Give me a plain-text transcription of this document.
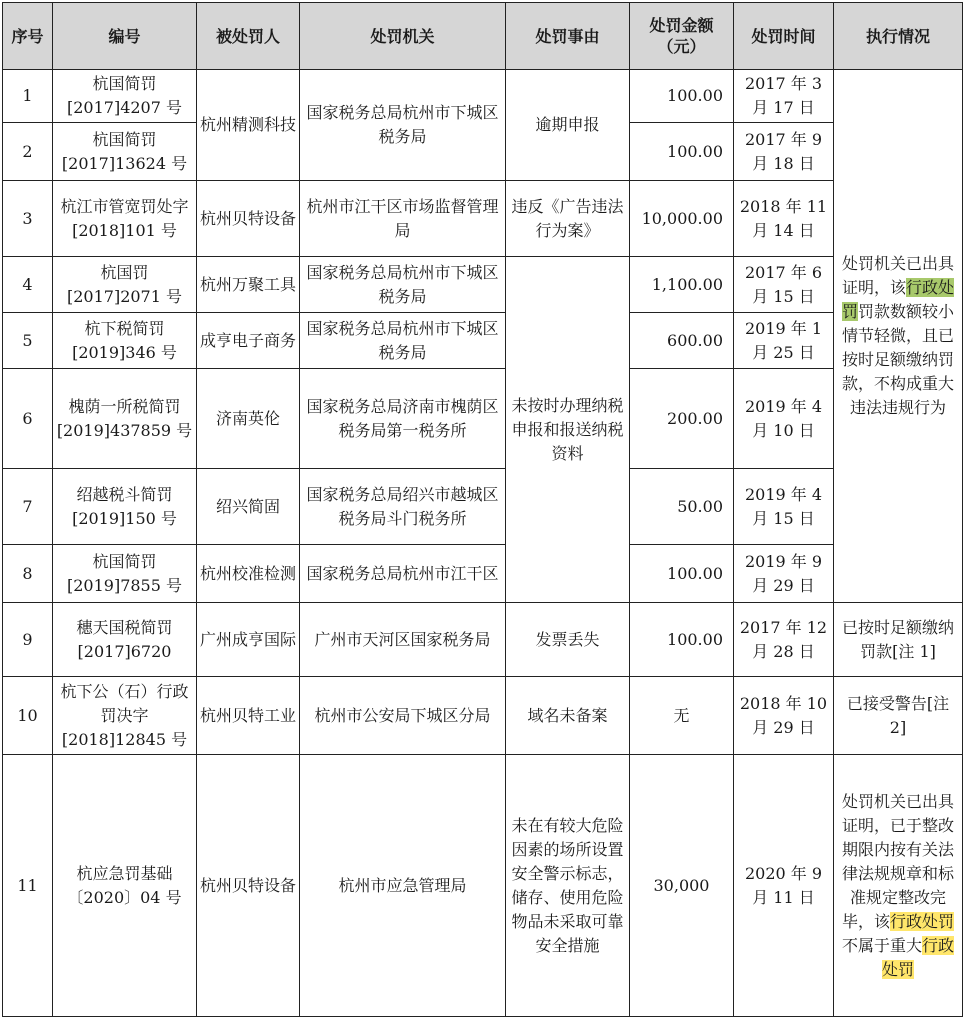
序号	编号	被处罚人	处罚机关	处罚事由	处罚金额（元）	处罚时间	执行情况
1	杭国简罚[2017]4207 号	杭州精测科技	国家税务总局杭州市下城区税务局	逾期申报	100.00	2017 年 3 月 17 日	处罚机关已出具证明，该行政处罚罚款数额较小情节轻微，且已按时足额缴纳罚款，不构成重大违法违规行为
2	杭国简罚[2017]13624 号				100.00	2017 年 9 月 18 日	
3	杭江市管宽罚处字[2018]101 号	杭州贝特设备	杭州市江干区市场监督管理局	违反《广告违法行为案》	10,000.00	2018 年 11 月 14 日	
4	杭国罚[2017]2071 号	杭州万聚工具	国家税务总局杭州市下城区税务局	未按时办理纳税申报和报送纳税资料	1,100.00	2017 年 6 月 15 日	
5	杭下税简罚[2019]346 号	成亨电子商务	国家税务总局杭州市下城区税务局		600.00	2019 年 1 月 25 日	
6	槐荫一所税简罚[2019]437859 号	济南英伦	国家税务总局济南市槐荫区税务局第一税务所		200.00	2019 年 4 月 10 日	
7	绍越税斗简罚[2019]150 号	绍兴简固	国家税务总局绍兴市越城区税务局斗门税务所		50.00	2019 年 4 月 15 日	
8	杭国简罚[2019]7855 号	杭州校准检测	国家税务总局杭州市江干区		100.00	2019 年 9 月 29 日	
9	穗天国税简罚[2017]6720	广州成亨国际	广州市天河区国家税务局	发票丢失	100.00	2017 年 12 月 28 日	已按时足额缴纳罚款[注 1]
10	杭下公（石）行政罚决字[2018]12845 号	杭州贝特工业	杭州市公安局下城区分局	域名未备案	无	2018 年 10 月 29 日	已接受警告[注 2]
11	杭应急罚基础〔2020〕04 号	杭州贝特设备	杭州市应急管理局	未在有较大危险因素的场所设置安全警示标志，储存、使用危险物品未采取可靠安全措施	30,000	2020 年 9 月 11 日	处罚机关已出具证明，已于整改期限内按有关法律法规规章和标准规定整改完毕，该行政处罚不属于重大行政处罚
